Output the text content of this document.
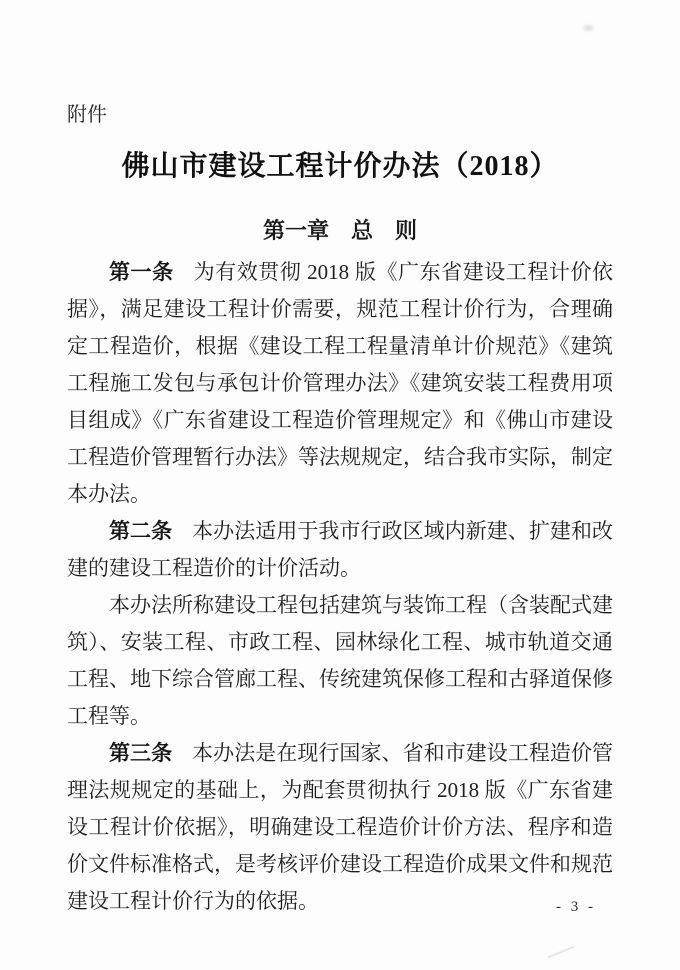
附件
佛山市建设工程计价办法（2018）
第一章　总　则

第一条 为有效贯彻 2018 版《广东省建设工程计价依据》，满足建设工程计价需要，规范工程计价行为，合理确定工程造价，根据《建设工程工程量清单计价规范》《建筑工程施工发包与承包计价管理办法》《建筑安装工程费用项目组成》《广东省建设工程造价管理规定》和《佛山市建设工程造价管理暂行办法》等法规规定，结合我市实际，制定本办法。

第二条 本办法适用于我市行政区域内新建、扩建和改建的建设工程造价的计价活动。

本办法所称建设工程包括建筑与装饰工程（含装配式建筑）、安装工程、市政工程、园林绿化工程、城市轨道交通工程、地下综合管廊工程、传统建筑保修工程和古驿道保修工程等。

第三条 本办法是在现行国家、省和市建设工程造价管理法规规定的基础上，为配套贯彻执行 2018 版《广东省建设工程计价依据》，明确建设工程造价计价方法、程序和造价文件标准格式，是考核评价建设工程造价成果文件和规范建设工程计价行为的依据。	- 3 -
